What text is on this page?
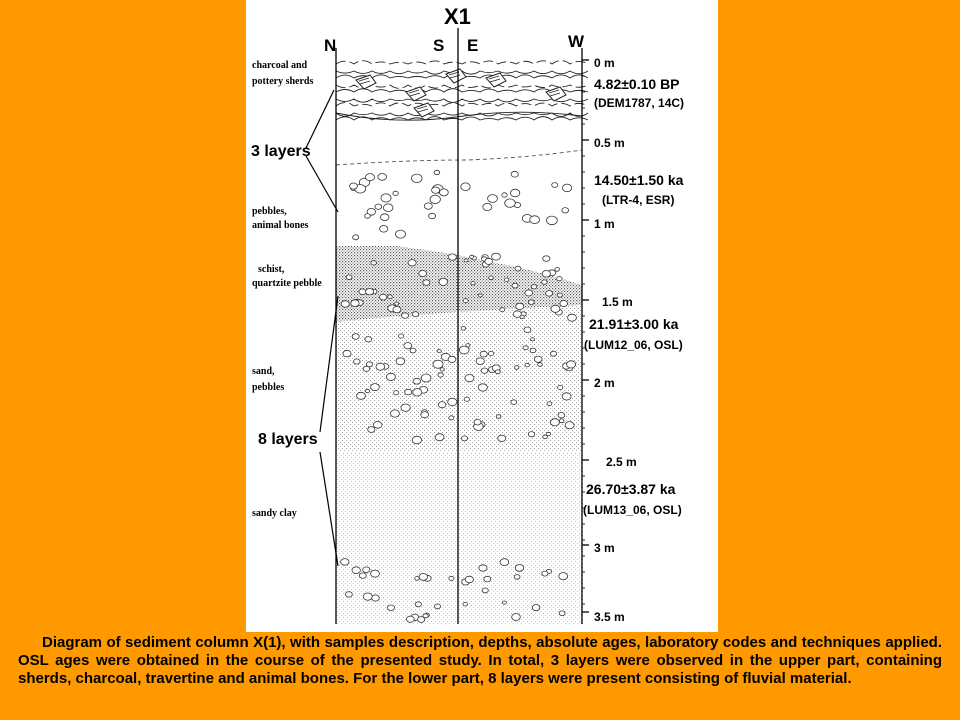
X1
N	S E	W
charcoal and
pottery sherds
pebbles,
animal bones
schist,
quartzite pebble
sand,
pebbles
sandy clay
3 layers
8 layers
0 m
0.5 m
1 m
1.5 m
2 m
2.5 m
3 m
3.5 m
4.82±0.10 BP
(DEM1787, 14C)
14.50±1.50 ka
(LTR-4, ESR)
21.91±3.00 ka
(LUM12_06, OSL)
26.70±3.87 ka
(LUM13_06, OSL)
Diagram of sediment column X(1), with samples description, depths, absolute ages, laboratory codes and techniques applied. OSL ages were obtained in the course of the presented study. In total, 3 layers were observed in the upper part, containing sherds, charcoal, travertine and animal bones. For the lower part, 8 layers were present consisting of fluvial material.
